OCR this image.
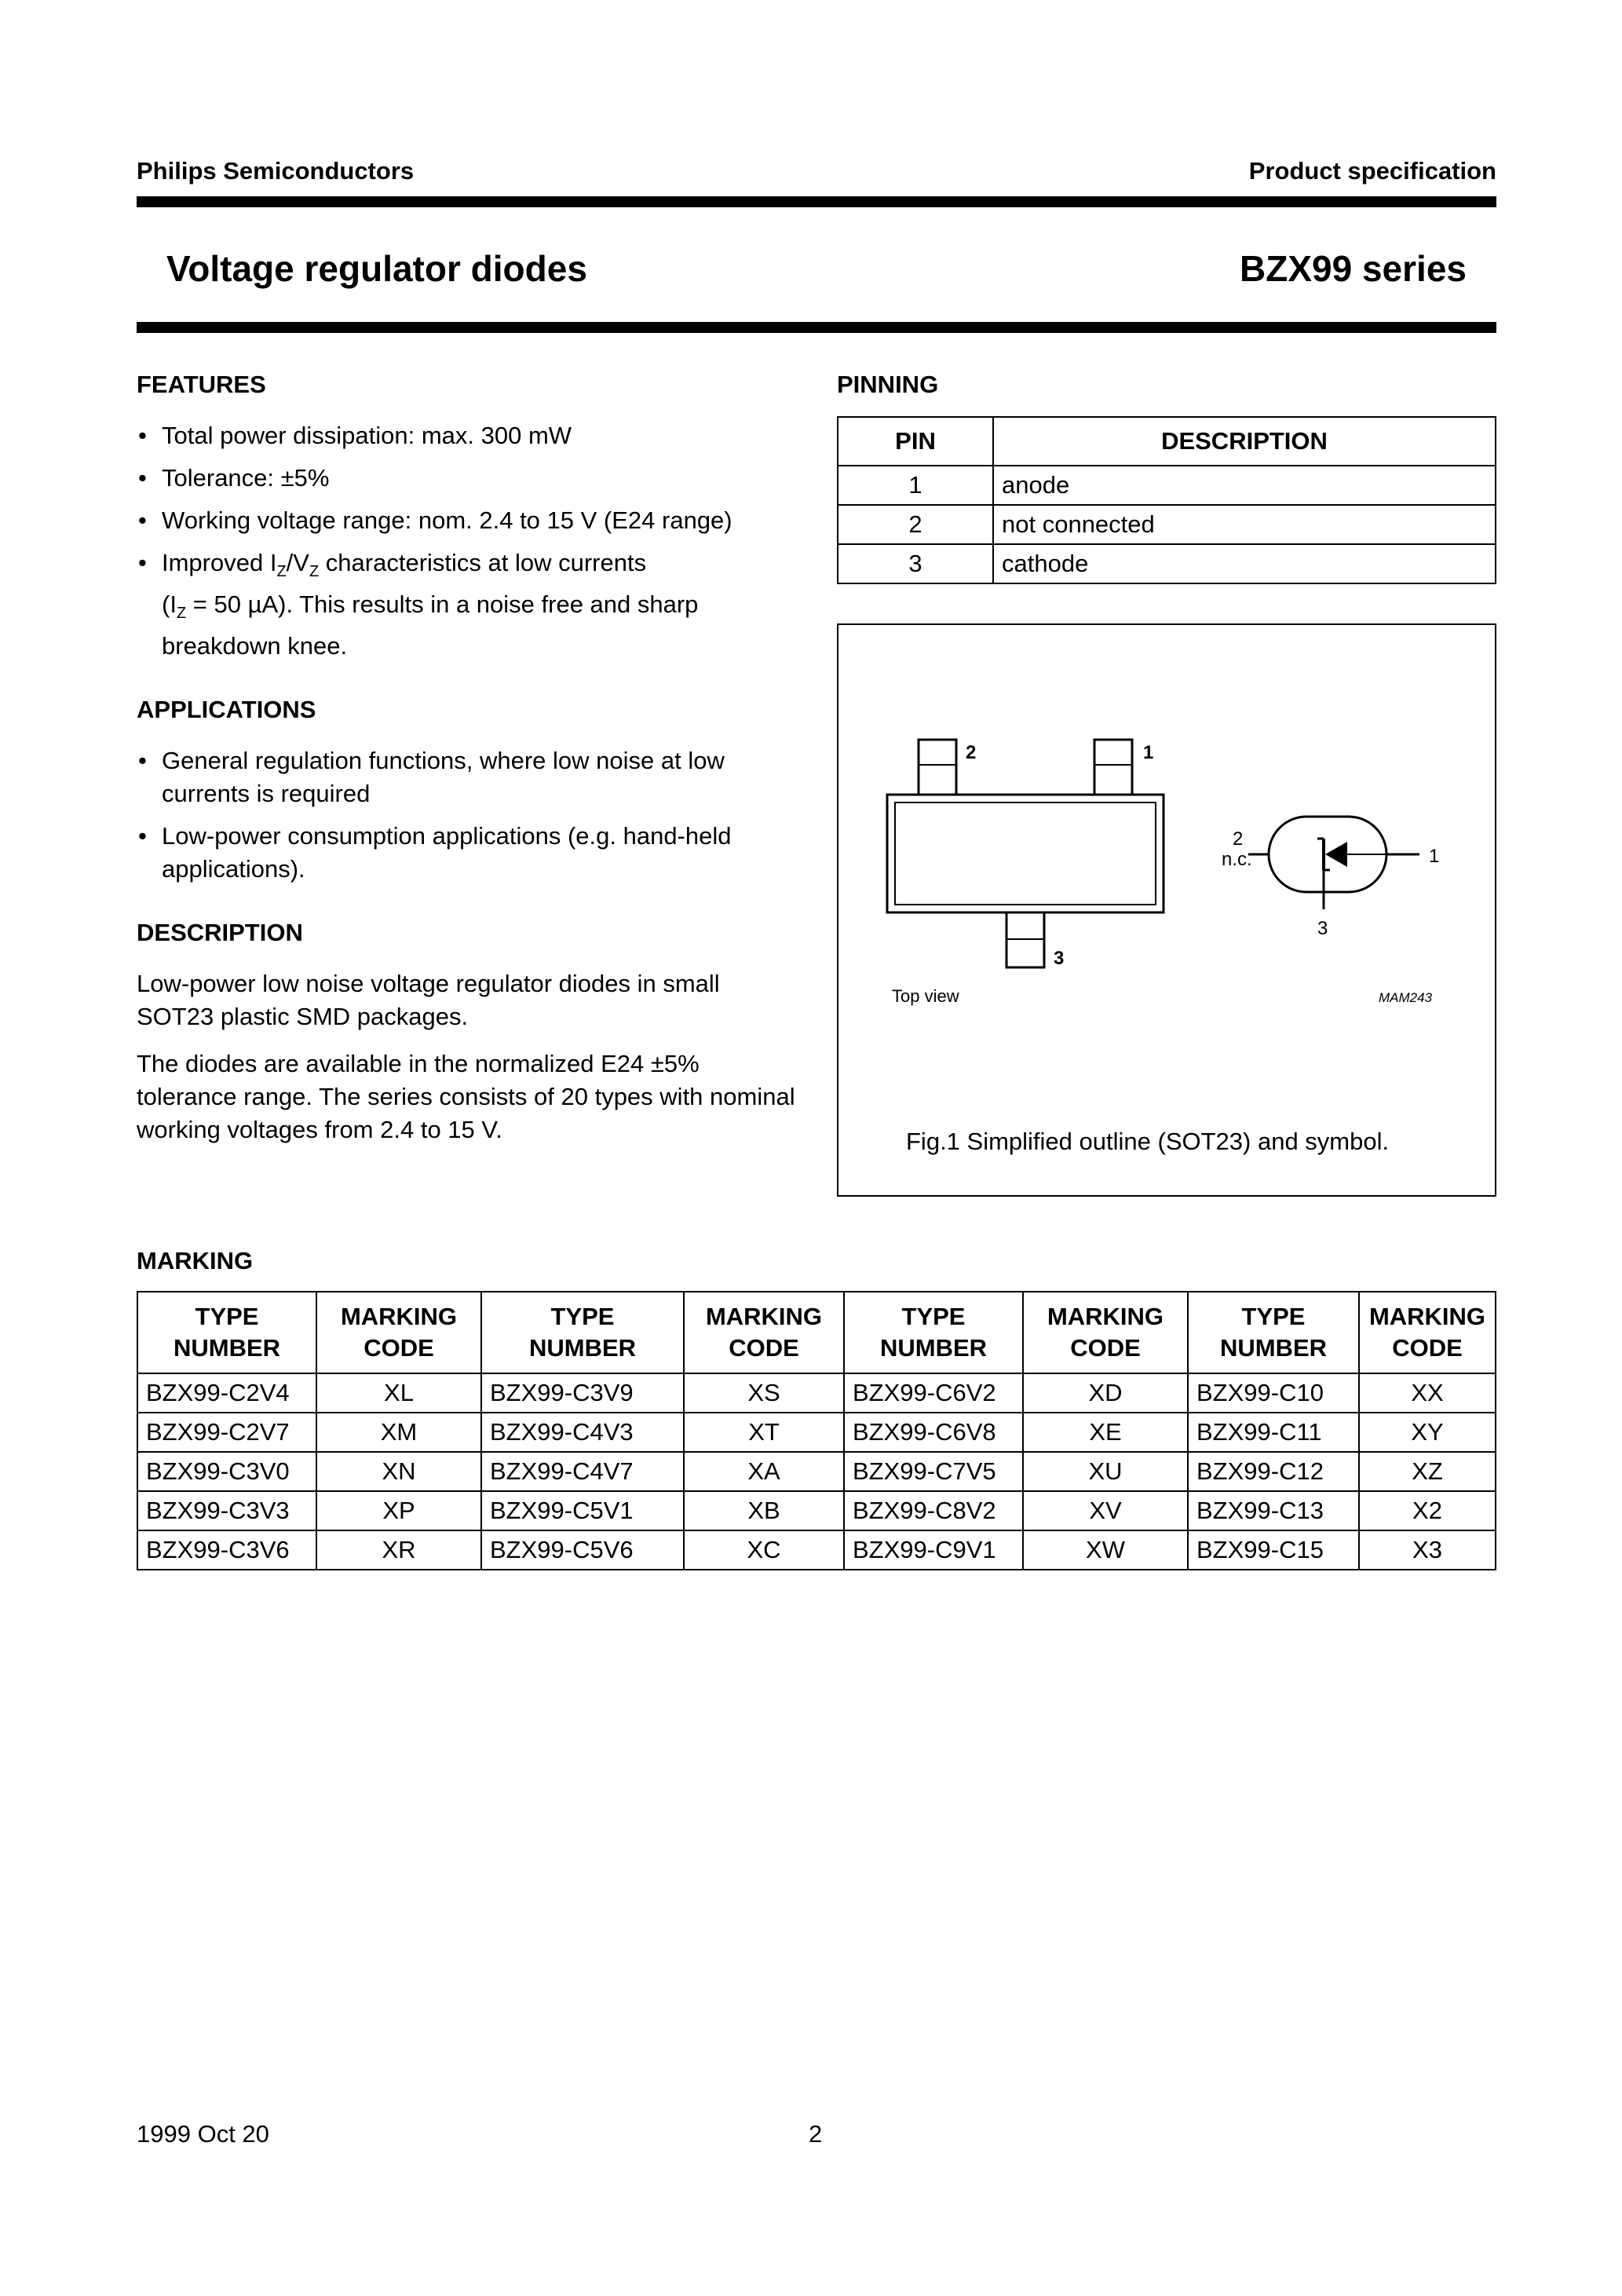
Philips Semiconductors	Product specification
Voltage regulator diodes	BZX99 series
FEATURES
• Total power dissipation: max. 300 mW
• Tolerance: ±5%
• Working voltage range: nom. 2.4 to 15 V (E24 range)
• Improved $I_Z/V_Z$ characteristics at low currents
($I_Z = 50$ µA). This results in a noise free and sharp breakdown knee.
APPLICATIONS
• General regulation functions, where low noise at low currents is required
• Low-power consumption applications (e.g. hand-held applications).
DESCRIPTION

Low-power low noise voltage regulator diodes in small SOT23 plastic SMD packages.

The diodes are available in the normalized E24 ±5% tolerance range. The series consists of 20 types with nominal working voltages from 2.4 to 15 V.

PINNING
PIN	DESCRIPTION
1	anode
2	not connected
3	cathode
2	1
3
2
n.c.	1
3
Top view	MAM243
Fig.1 Simplified outline (SOT23) and symbol.
MARKING
TYPE
NUMBER	MARKING
CODE	TYPE
NUMBER	MARKING
CODE	TYPE
NUMBER	MARKING
CODE	TYPE
NUMBER	MARKING
CODE
BZX99-C2V4	XL	BZX99-C3V9	XS	BZX99-C6V2	XD	BZX99-C10	XX
BZX99-C2V7	XM	BZX99-C4V3	XT	BZX99-C6V8	XE	BZX99-C11	XY
BZX99-C3V0	XN	BZX99-C4V7	XA	BZX99-C7V5	XU	BZX99-C12	XZ
BZX99-C3V3	XP	BZX99-C5V1	XB	BZX99-C8V2	XV	BZX99-C13	X2
BZX99-C3V6	XR	BZX99-C5V6	XC	BZX99-C9V1	XW	BZX99-C15	X3
1999 Oct 20	2
